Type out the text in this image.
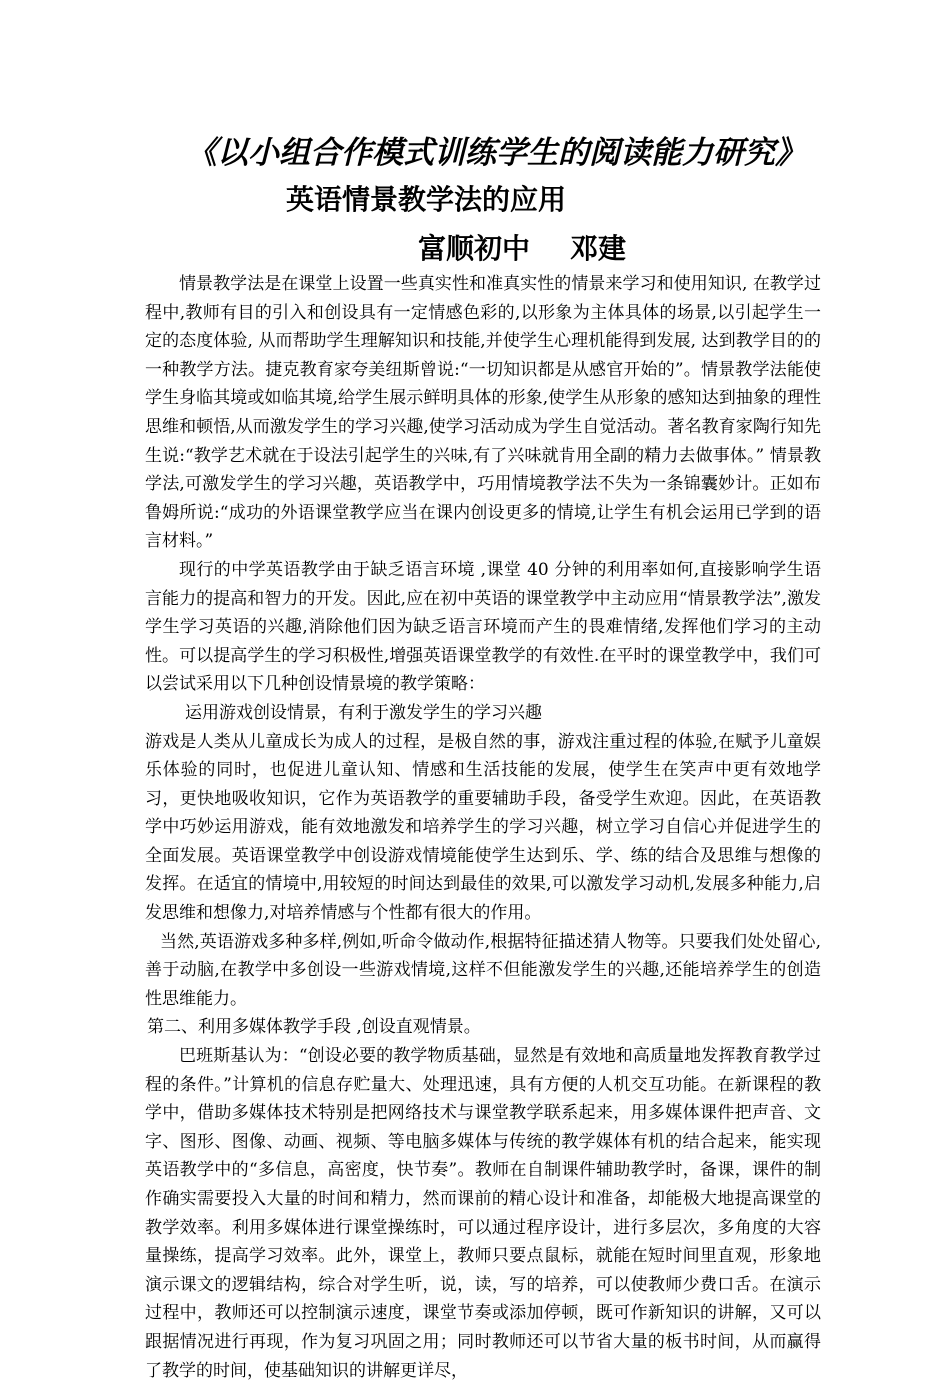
《以小组合作模式训练学生的阅读能力研究》
英语情景教学法的应用
富顺初中 邓建

情景教学法是在课堂上设置一些真实性和准真实性的情景来学习和使用知识, 在教学过程中,教师有目的引入和创设具有一定情感色彩的,以形象为主体具体的场景,以引起学生一定的态度体验, 从而帮助学生理解知识和技能,并使学生心理机能得到发展, 达到教学目的的一种教学方法。捷克教育家夸美纽斯曾说:“一切知识都是从感官开始的”。情景教学法能使学生身临其境或如临其境,给学生展示鲜明具体的形象,使学生从形象的感知达到抽象的理性思维和顿悟,从而激发学生的学习兴趣,使学习活动成为学生自觉活动。著名教育家陶行知先生说:“教学艺术就在于设法引起学生的兴味,有了兴味就肯用全副的精力去做事体。” 情景教学法,可激发学生的学习兴趣，英语教学中，巧用情境教学法不失为一条锦囊妙计。正如布鲁姆所说:“成功的外语课堂教学应当在课内创设更多的情境,让学生有机会运用已学到的语言材料。”

现行的中学英语教学由于缺乏语言环境 ,课堂 40 分钟的利用率如何,直接影响学生语言能力的提高和智力的开发。因此,应在初中英语的课堂教学中主动应用“情景教学法”,激发学生学习英语的兴趣,消除他们因为缺乏语言环境而产生的畏难情绪,发挥他们学习的主动性。可以提高学生的学习积极性,增强英语课堂教学的有效性.在平时的课堂教学中，我们可以尝试采用以下几种创设情景境的教学策略：

运用游戏创设情景，有利于激发学生的学习兴趣

游戏是人类从儿童成长为成人的过程，是极自然的事，游戏注重过程的体验,在赋予儿童娱乐体验的同时，也促进儿童认知、情感和生活技能的发展，使学生在笑声中更有效地学习，更快地吸收知识，它作为英语教学的重要辅助手段，备受学生欢迎。因此，在英语教学中巧妙运用游戏，能有效地激发和培养学生的学习兴趣，树立学习自信心并促进学生的全面发展。英语课堂教学中创设游戏情境能使学生达到乐、学、练的结合及思维与想像的发挥。在适宜的情境中,用较短的时间达到最佳的效果,可以激发学习动机,发展多种能力,启发思维和想像力,对培养情感与个性都有很大的作用。

当然,英语游戏多种多样,例如,听命令做动作,根据特征描述猜人物等。只要我们处处留心,善于动脑,在教学中多创设一些游戏情境,这样不但能激发学生的兴趣,还能培养学生的创造性思维能力。

第二、利用多媒体教学手段 ,创设直观情景。

巴班斯基认为：“创设必要的教学物质基础，显然是有效地和高质量地发挥教育教学过程的条件。”计算机的信息存贮量大、处理迅速，具有方便的人机交互功能。在新课程的教学中，借助多媒体技术特别是把网络技术与课堂教学联系起来，用多媒体课件把声音、文字、图形、图像、动画、视频、等电脑多媒体与传统的教学媒体有机的结合起来，能实现英语教学中的“多信息，高密度，快节奏”。教师在自制课件辅助教学时，备课，课件的制作确实需要投入大量的时间和精力，然而课前的精心设计和准备，却能极大地提高课堂的教学效率。利用多媒体进行课堂操练时，可以通过程序设计，进行多层次，多角度的大容量操练，提高学习效率。此外，课堂上，教师只要点鼠标，就能在短时间里直观，形象地演示课文的逻辑结构，综合对学生听，说，读，写的培养，可以使教师少费口舌。在演示过程中，教师还可以控制演示速度，课堂节奏或添加停顿，既可作新知识的讲解，又可以跟据情况进行再现，作为复习巩固之用；同时教师还可以节省大量的板书时间，从而赢得了教学的时间，使基础知识的讲解更详尽，
